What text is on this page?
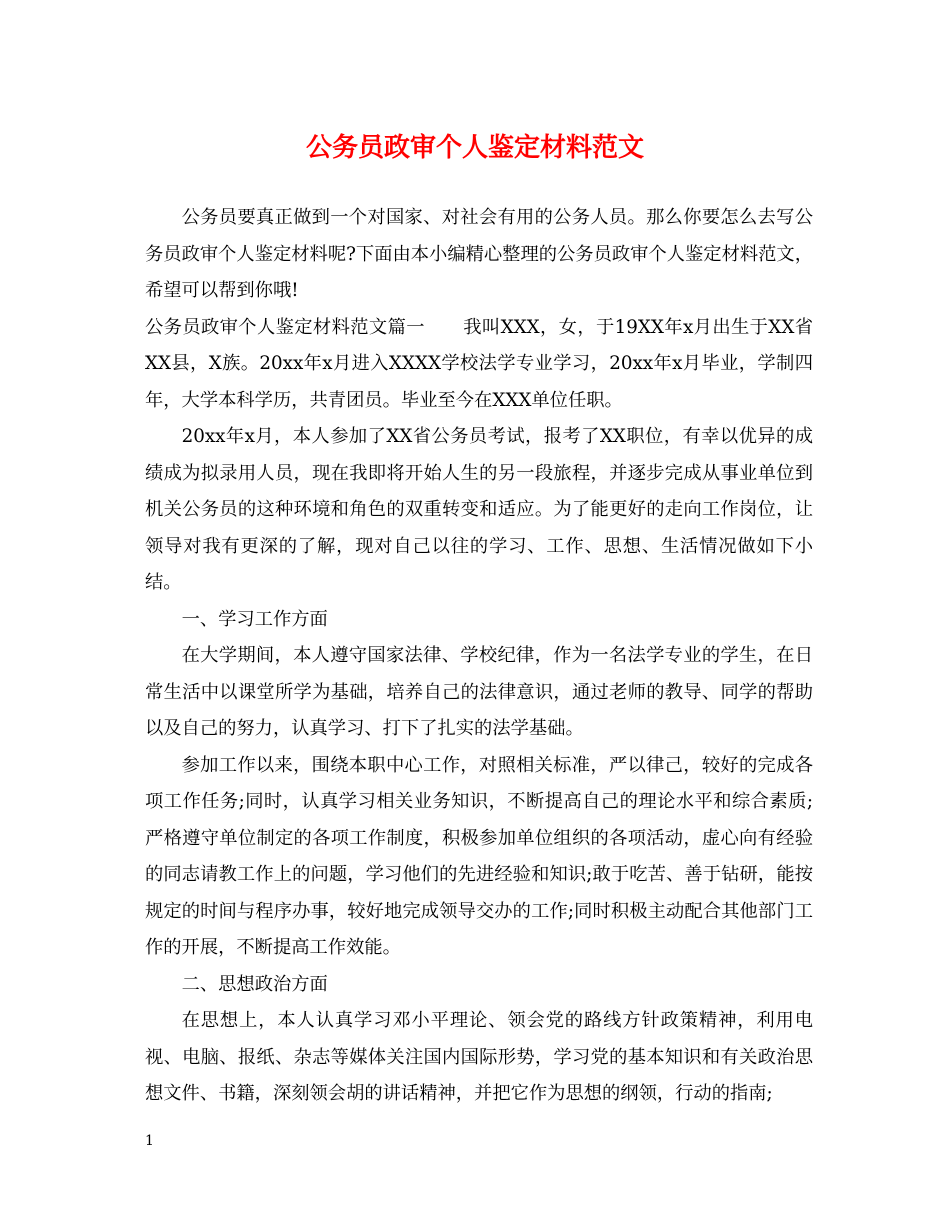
公务员政审个人鉴定材料范文

公务员要真正做到一个对国家、对社会有用的公务人员。那么你要怎么去写公务员政审个人鉴定材料呢?下面由本小编精心整理的公务员政审个人鉴定材料范文，希望可以帮到你哦!

公务员政审个人鉴定材料范文篇一 我叫XXX，女，于19XX年x月出生于XX省XX县，X族。20xx年x月进入XXXX学校法学专业学习，20xx年x月毕业，学制四年，大学本科学历，共青团员。毕业至今在XXX单位任职。

20xx年x月，本人参加了XX省公务员考试，报考了XX职位，有幸以优异的成绩成为拟录用人员，现在我即将开始人生的另一段旅程，并逐步完成从事业单位到机关公务员的这种环境和角色的双重转变和适应。为了能更好的走向工作岗位，让领导对我有更深的了解，现对自己以往的学习、工作、思想、生活情况做如下小结。

一、学习工作方面

在大学期间，本人遵守国家法律、学校纪律，作为一名法学专业的学生，在日常生活中以课堂所学为基础，培养自己的法律意识，通过老师的教导、同学的帮助以及自己的努力，认真学习、打下了扎实的法学基础。

参加工作以来，围绕本职中心工作，对照相关标准，严以律己，较好的完成各项工作任务;同时，认真学习相关业务知识，不断提高自己的理论水平和综合素质;严格遵守单位制定的各项工作制度，积极参加单位组织的各项活动，虚心向有经验的同志请教工作上的问题，学习他们的先进经验和知识;敢于吃苦、善于钻研，能按规定的时间与程序办事，较好地完成领导交办的工作;同时积极主动配合其他部门工作的开展，不断提高工作效能。

二、思想政治方面

在思想上，本人认真学习邓小平理论、领会党的路线方针政策精神，利用电视、电脑、报纸、杂志等媒体关注国内国际形势，学习党的基本知识和有关政治思想文件、书籍，深刻领会胡的讲话精神，并把它作为思想的纲领，行动的指南;

1
